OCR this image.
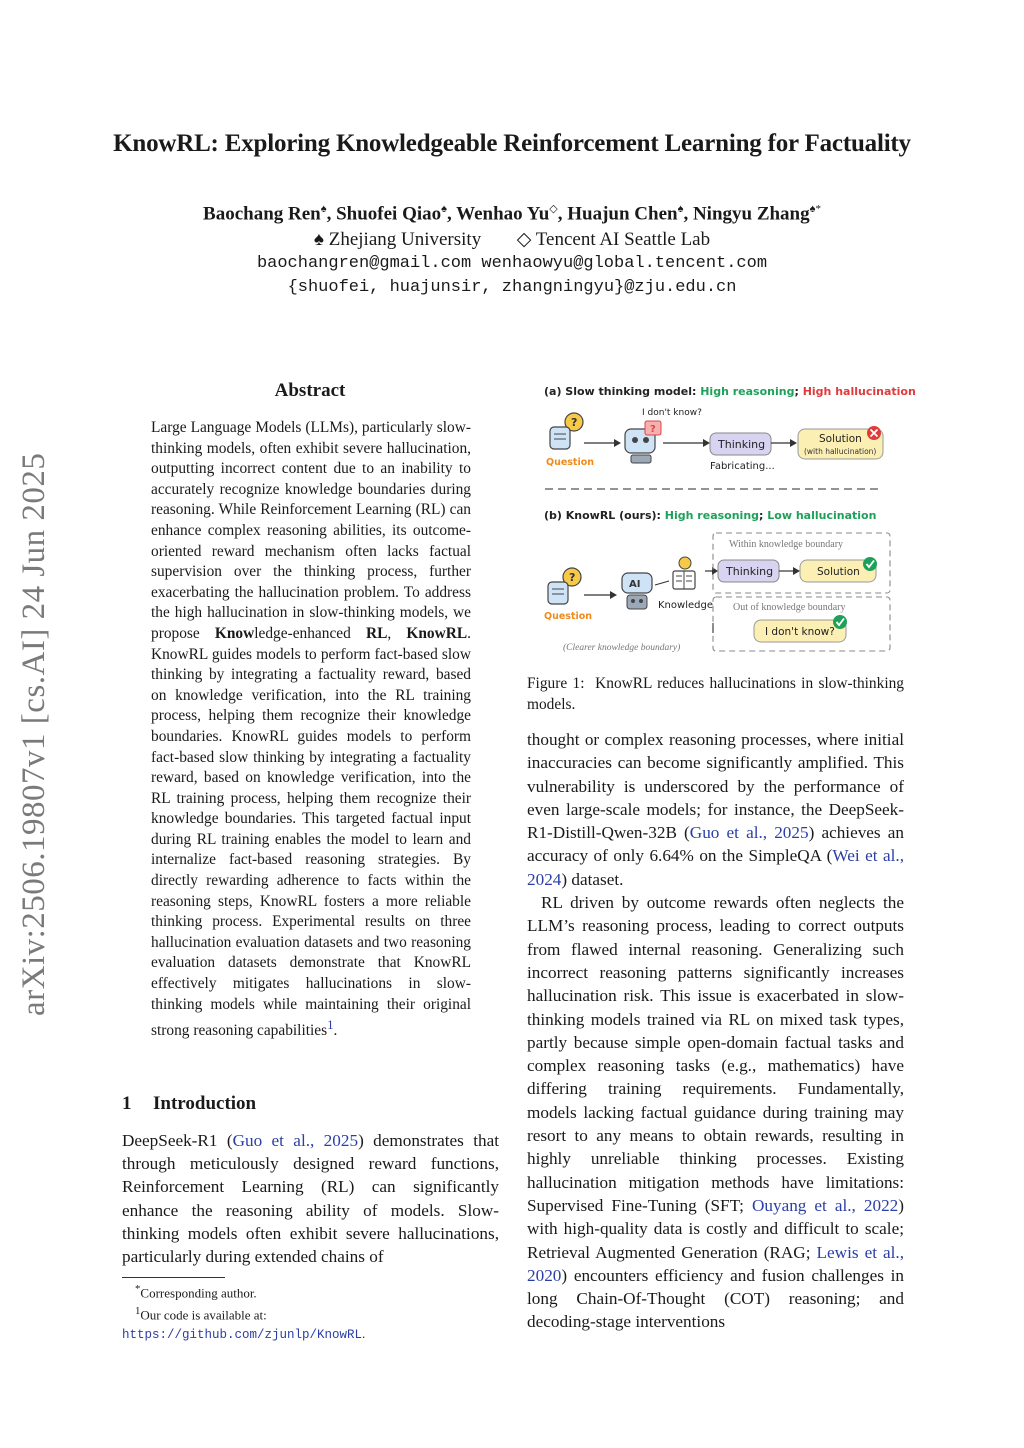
KnowRL: Exploring Knowledgeable Reinforcement Learning for Factuality
Baochang Ren♠, Shuofei Qiao♠, Wenhao Yu◇, Huajun Chen♠, Ningyu Zhang♠*
♠ Zhejiang University ◇ Tencent AI Seattle Lab
baochangren@gmail.com wenhaowyu@global.tencent.com
{shuofei, huajunsir, zhangningyu}@zju.edu.cn
arXiv:2506.19807v1 [cs.AI] 24 Jun 2025
Abstract
Large Language Models (LLMs), particularly slow-thinking models, often exhibit severe hallucination, outputting incorrect content due to an inability to accurately recognize knowledge boundaries during reasoning. While Reinforcement Learning (RL) can enhance complex reasoning abilities, its outcome-oriented reward mechanism often lacks factual supervision over the thinking process, further exacerbating the hallucination problem. To address the high hallucination in slow-thinking models, we propose Knowledge-enhanced RL, KnowRL. KnowRL guides models to perform fact-based slow thinking by integrating a factuality reward, based on knowledge verification, into the RL training process, helping them recognize their knowledge boundaries. KnowRL guides models to perform fact-based slow thinking by integrating a factuality reward, based on knowledge verification, into the RL training process, helping them recognize their knowledge boundaries. This targeted factual input during RL training enables the model to learn and internalize fact-based reasoning strategies. By directly rewarding adherence to facts within the reasoning steps, KnowRL fosters a more reliable thinking process. Experimental results on three hallucination evaluation datasets and two reasoning evaluation datasets demonstrate that KnowRL effectively mitigates hallucinations in slow-thinking models while maintaining their original strong reasoning capabilities$^1$.
1 Introduction
DeepSeek-R1 (Guo et al., 2025) demonstrates that through meticulously designed reward functions, Reinforcement Learning (RL) can significantly enhance the reasoning ability of models. Slow-thinking models often exhibit severe hallucinations, particularly during extended chains of
*Corresponding author.
$^1$Our code is available at: https://github.com/zjunlp/KnowRL.
(a) Slow thinking model: High reasoning; High hallucination
?
Question
?
I don't know?
Thinking	Solution
(with hallucination)
Fabricating...
(b) KnowRL (ours): High reasoning; Low hallucination
?
Question
AI
Knowledge
Within knowledge boundary
Thinking	Solution
Out of knowledge boundary
I don't know?
(Clearer knowledge boundary)
Figure 1: KnowRL reduces hallucinations in slow-thinking models.

thought or complex reasoning processes, where initial inaccuracies can become significantly amplified. This vulnerability is underscored by the performance of even large-scale models; for instance, the DeepSeek-R1-Distill-Qwen-32B (Guo et al., 2025) achieves an accuracy of only 6.64% on the SimpleQA (Wei et al., 2024) dataset.

RL driven by outcome rewards often neglects the LLM’s reasoning process, leading to correct outputs from flawed internal reasoning. Generalizing such incorrect reasoning patterns significantly increases hallucination risk. This issue is exacerbated in slow-thinking models trained via RL on mixed task types, partly because simple open-domain factual tasks and complex reasoning tasks (e.g., mathematics) have differing training requirements. Fundamentally, models lacking factual guidance during training may resort to any means to obtain rewards, resulting in highly unreliable thinking processes. Existing hallucination mitigation methods have limitations: Supervised Fine-Tuning (SFT; Ouyang et al., 2022) with high-quality data is costly and difficult to scale; Retrieval Augmented Generation (RAG; Lewis et al., 2020) encounters efficiency and fusion challenges in long Chain-Of-Thought (COT) reasoning; and decoding-stage interventions
